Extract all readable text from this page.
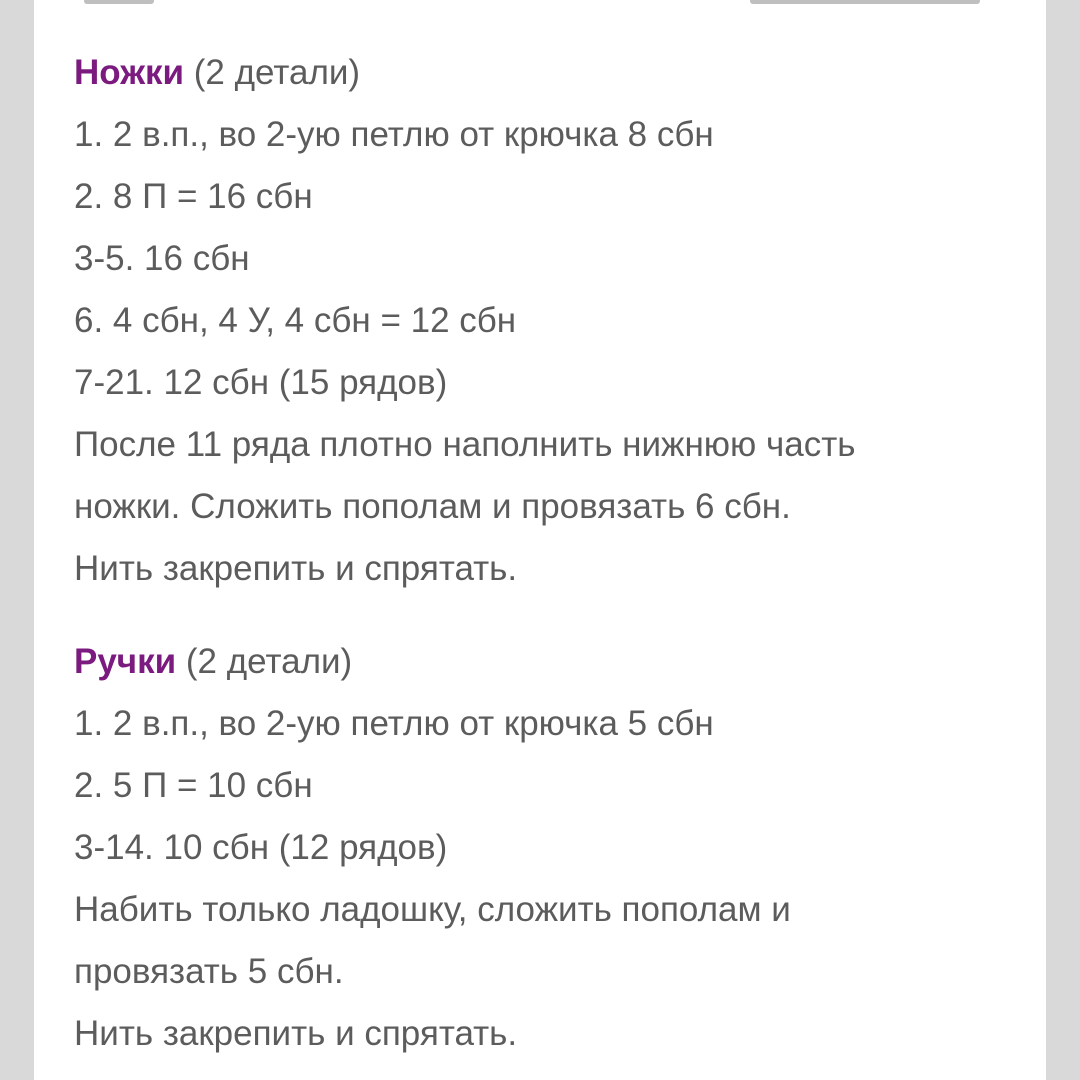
Ножки (2 детали)
1. 2 в.п., во 2-ую петлю от крючка 8 сбн
2. 8 П = 16 сбн
3-5. 16 сбн
6. 4 сбн, 4 У, 4 сбн = 12 сбн
7-21. 12 сбн (15 рядов)
После 11 ряда плотно наполнить нижнюю часть
ножки. Сложить пополам и провязать 6 сбн.
Нить закрепить и спрятать.
Ручки (2 детали)
1. 2 в.п., во 2-ую петлю от крючка 5 сбн
2. 5 П = 10 сбн
3-14. 10 сбн (12 рядов)
Набить только ладошку, сложить пополам и
провязать 5 сбн.
Нить закрепить и спрятать.
